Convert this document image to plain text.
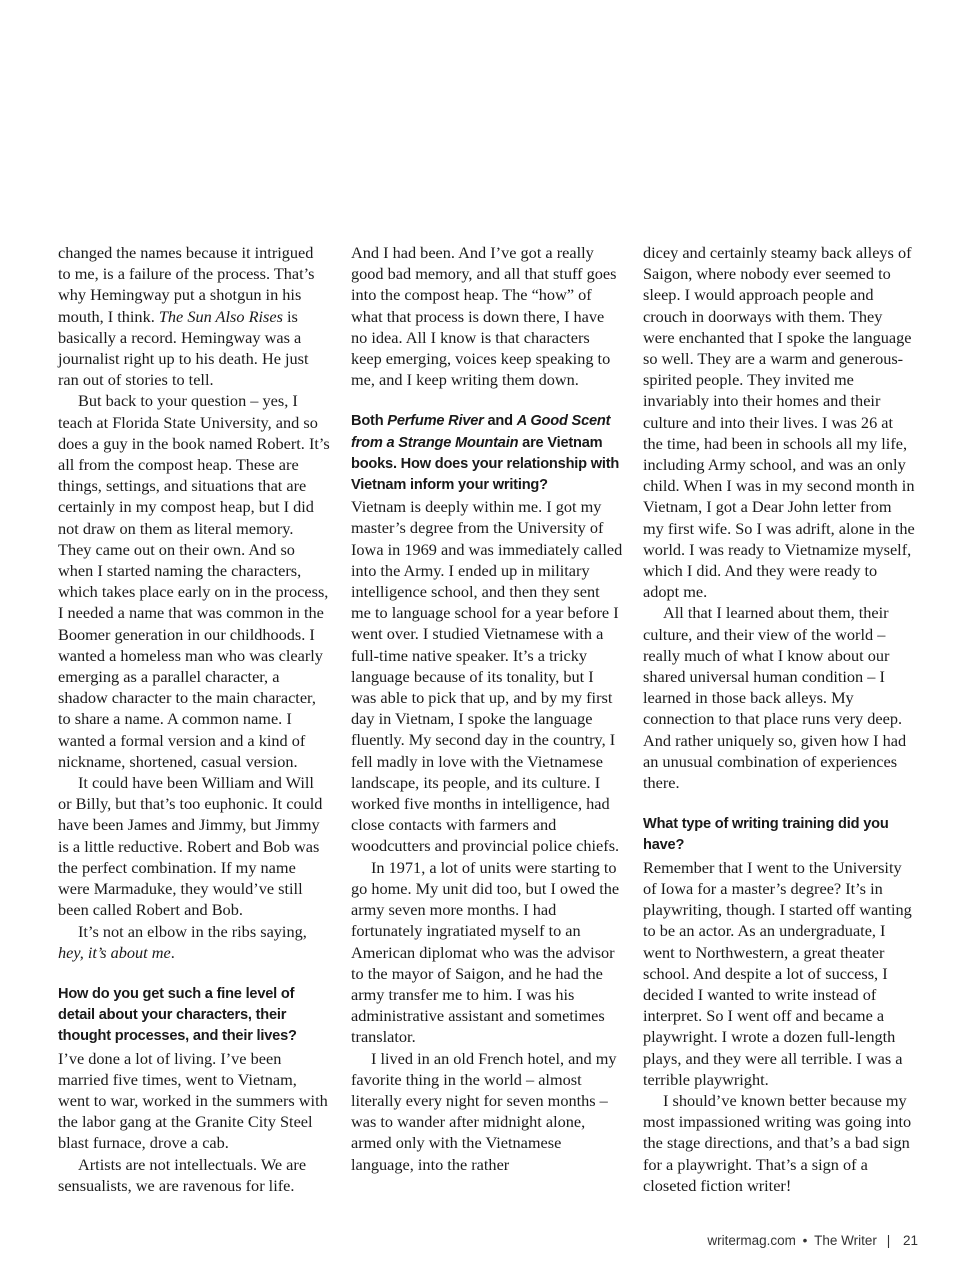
changed the names because it intrigued to me, is a failure of the process. That’s why Hemingway put a shotgun in his mouth, I think. The Sun Also Rises is basically a record. Hemingway was a journalist right up to his death. He just ran out of stories to tell.

But back to your question – yes, I teach at Florida State University, and so does a guy in the book named Robert. It’s all from the compost heap. These are things, settings, and situations that are certainly in my compost heap, but I did not draw on them as literal memory. They came out on their own. And so when I started naming the characters, which takes place early on in the process, I needed a name that was common in the Boomer generation in our childhoods. I wanted a homeless man who was clearly emerging as a parallel character, a shadow character to the main character, to share a name. A common name. I wanted a formal version and a kind of nickname, shortened, casual version.

It could have been William and Will or Billy, but that’s too euphonic. It could have been James and Jimmy, but Jimmy is a little reductive. Robert and Bob was the perfect combination. If my name were Marmaduke, they would’ve still been called Robert and Bob.

It’s not an elbow in the ribs saying, hey, it’s about me.

How do you get such a fine level of detail about your characters, their thought processes, and their lives?

I’ve done a lot of living. I’ve been married five times, went to Vietnam, went to war, worked in the summers with the labor gang at the Granite City Steel blast furnace, drove a cab.

Artists are not intellectuals. We are sensualists, we are ravenous for life.

And I had been. And I’ve got a really good bad memory, and all that stuff goes into the compost heap. The “how” of what that process is down there, I have no idea. All I know is that characters keep emerging, voices keep speaking to me, and I keep writing them down.

Both Perfume River and A Good Scent from a Strange Mountain are Vietnam books. How does your relationship with Vietnam inform your writing?

Vietnam is deeply within me. I got my master’s degree from the University of Iowa in 1969 and was immediately called into the Army. I ended up in military intelligence school, and then they sent me to language school for a year before I went over. I studied Vietnamese with a full-time native speaker. It’s a tricky language because of its tonality, but I was able to pick that up, and by my first day in Vietnam, I spoke the language fluently. My second day in the country, I fell madly in love with the Vietnamese landscape, its people, and its culture. I worked five months in intelligence, had close contacts with farmers and woodcutters and provincial police chiefs.

In 1971, a lot of units were starting to go home. My unit did too, but I owed the army seven more months. I had fortunately ingratiated myself to an American diplomat who was the advisor to the mayor of Saigon, and he had the army transfer me to him. I was his administrative assistant and sometimes translator.

I lived in an old French hotel, and my favorite thing in the world – almost literally every night for seven months – was to wander after midnight alone, armed only with the Vietnamese language, into the rather

dicey and certainly steamy back alleys of Saigon, where nobody ever seemed to sleep. I would approach people and crouch in doorways with them. They were enchanted that I spoke the language so well. They are a warm and generous-spirited people. They invited me invariably into their homes and their culture and into their lives. I was 26 at the time, had been in schools all my life, including Army school, and was an only child. When I was in my second month in Vietnam, I got a Dear John letter from my first wife. So I was adrift, alone in the world. I was ready to Vietnamize myself, which I did. And they were ready to adopt me.

All that I learned about them, their culture, and their view of the world – really much of what I know about our shared universal human condition – I learned in those back alleys. My connection to that place runs very deep. And rather uniquely so, given how I had an unusual combination of experiences there.

What type of writing training did you have?

Remember that I went to the University of Iowa for a master’s degree? It’s in playwriting, though. I started off wanting to be an actor. As an undergraduate, I went to Northwestern, a great theater school. And despite a lot of success, I decided I wanted to write instead of interpret. So I went off and became a playwright. I wrote a dozen full-length plays, and they were all terrible. I was a terrible playwright.

I should’ve known better because my most impassioned writing was going into the stage directions, and that’s a bad sign for a playwright. That’s a sign of a closeted fiction writer!

writermag.com • The Writer | 21
